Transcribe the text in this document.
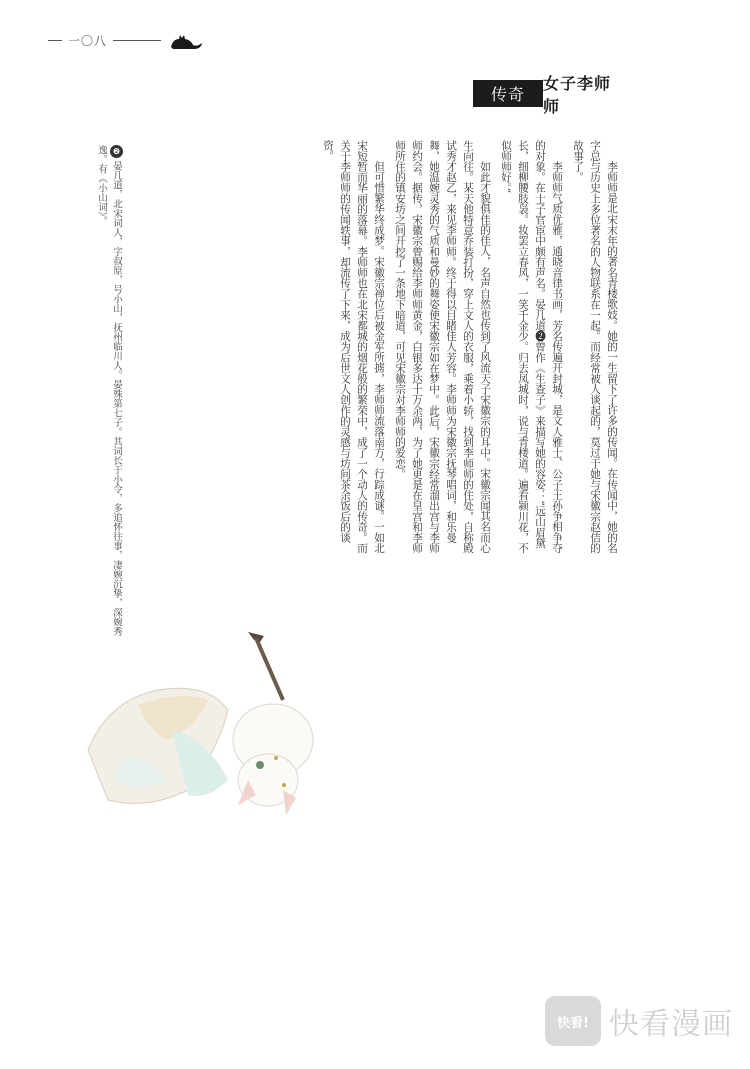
一〇八
传奇
女子李师师

李师师是北宋末年的著名青楼歌妓。她的一生留下了许多的传闻。在传闻中，她的名字总与历史上多位著名的人物联系在一起。而经常被人谈起的，莫过于她与宋徽宗赵佶的故事了。

李师师气质优雅，通晓音律书画，芳名传遍开封城，是文人雅士、公子王孙争相争夺的对象。在士子官宦中颇有声名。晏几道❷曾作《生查子》来描写她的容姿：“远山眉黛长，细柳腰肢袅。妆罢立春风，一笑千金少。归去凤城时，说与青楼道。遍看颍川花，不似师师好。”

如此才貌俱佳的佳人，名声自然也传到了风流天子宋徽宗的耳中。宋徽宗闻其名而心生向往。某天他特意乔装打扮，穿上文人的衣服，乘着小轿，找到李师师的住处，自称殿试秀才赵乙，来见李师师。终于得以目睹佳人芳容。李师师为宋徽宗抚琴唱词，和乐曼舞，她温婉灵秀的气质和曼妙的舞姿使宋徽宗如在梦中。此后，宋徽宗经常溜出宫与李师师约会。据传，宋徽宗曾赐给李师师黄金，白银多达十万余两，为了她更是在皇宫和李师师所住的镇安坊之间开挖了一条地下暗道，可见宋徽宗对李师师的爱恋。

但可惜繁华终成梦。宋徽宗禅位后被金军所掳，李师师流落南方，行踪成谜。一如北宋短暂而华丽的落幕。李师师也在北宋都城的烟花般的繁荣中，成了一个动人的传奇。而关于李师师的传闻轶事，却流传了下来，成为后世文人创作的灵感与坊间茶余饭后的谈资。

❷ 晏几道，北宋词人，字叔原，号小山，抚州临川人。晏殊第七子。其词长于小令，多追怀往事，凄婉沉挚，深婉秀逸。有《小山词》。
快看! 快看漫画
